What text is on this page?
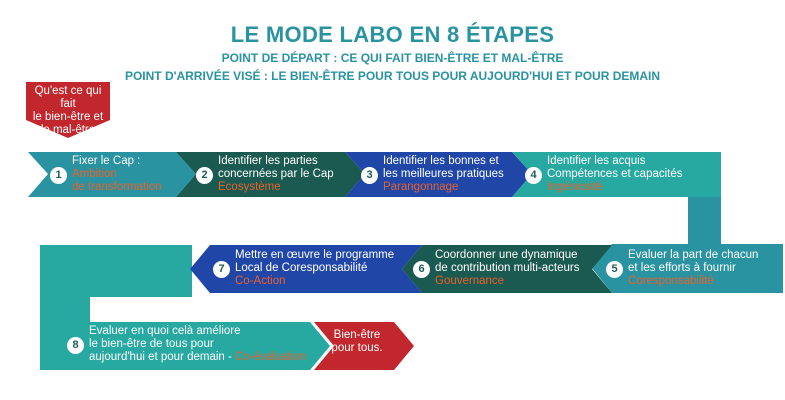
LE MODE LABO EN 8 ÉTAPES
POINT DE DÉPART : CE QUI FAIT BIEN-ÊTRE ET MAL-ÊTRE
POINT D'ARRIVÉE VISÉ : LE BIEN-ÊTRE POUR TOUS POUR AUJOURD'HUI ET POUR DEMAIN
Qu'est ce qui fait
le bien-être et
le mal-être
1
Fixer le Cap :
Ambition
de transformation
2
Identifier les parties
concernées par le Cap
Ecosystème
3
Identifier les bonnes et
les meilleures pratiques
Parangonnage
4
Identifier les acquis
Compétences et capacités
Ingéniosité
5
Evaluer la part de chacun
et les efforts à fournir
Coresponsabilité
6
Coordonner une dynamique
de contribution multi-acteurs
Gouvernance
7
Mettre en œuvre le programme
Local de Coresponsabilité
Co-Action
8
Evaluer en quoi celà améliore
le bien-être de tous pour
aujourd'hui et pour demain - Co-évaluation
Bien-être
pour tous.
